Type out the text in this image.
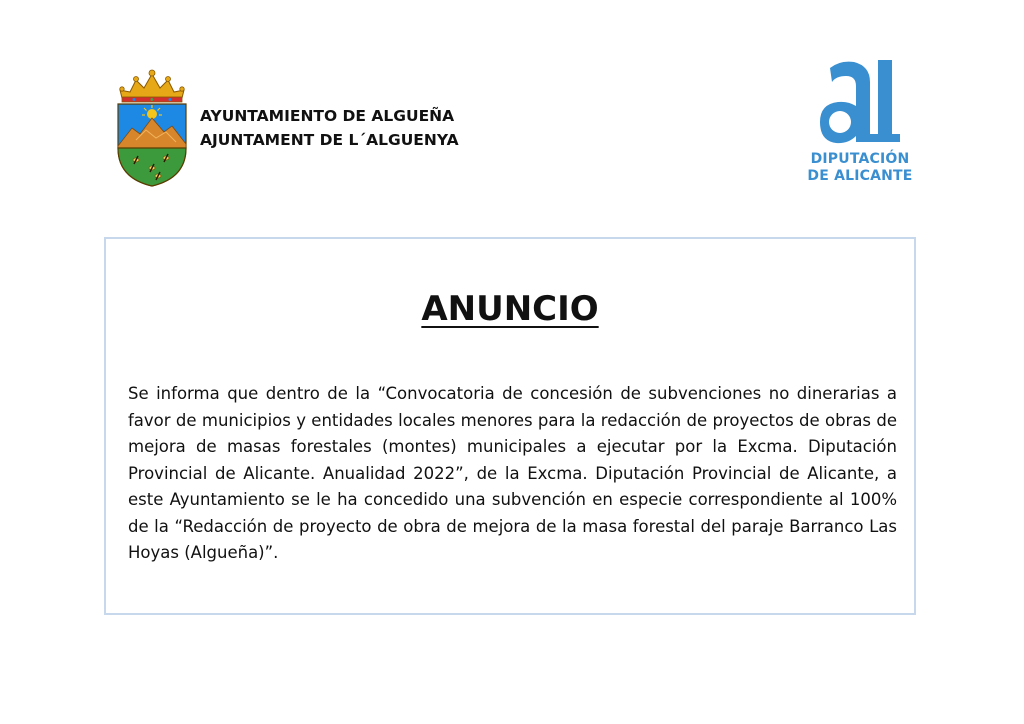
AYUNTAMIENTO DE ALGUEÑA
AJUNTAMENT DE L´ALGUENYA
DIPUTACIÓN
DE ALICANTE
ANUNCIO

Se informa que dentro de la “Convocatoria de concesión de subvenciones no dinerarias a favor de municipios y entidades locales menores para la redacción de proyectos de obras de mejora de masas forestales (montes) municipales a ejecutar por la Excma. Diputación Provincial de Alicante. Anualidad 2022”, de la Excma. Diputación Provincial de Alicante, a este Ayuntamiento se le ha concedido una subvención en especie correspondiente al 100% de la “Redacción de proyecto de obra de mejora de la masa forestal del paraje Barranco Las Hoyas (Algueña)”.
